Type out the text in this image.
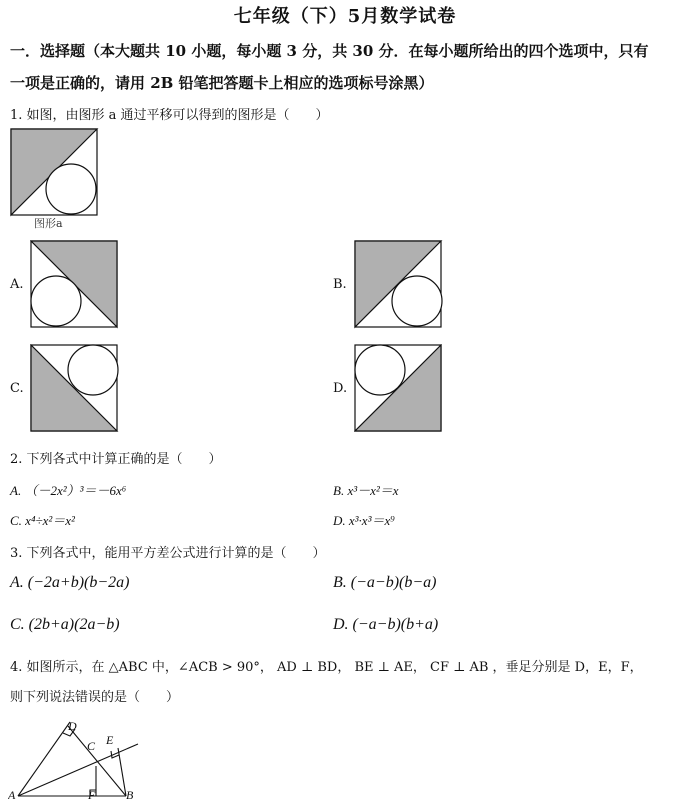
七年级（下）5月数学试卷
一．选择题（本大题共 10 小题，每小题 3 分，共 30 分．在每小题所给出的四个选项中，只有
一项是正确的，请用 2B 铅笔把答题卡上相应的选项标号涂黑）
1. 如图，由图形 a 通过平移可以得到的图形是（　　）
图形a
A.	B.
C.	D.
2. 下列各式中计算正确的是（　　）
A. （－2x²）³＝－6x⁶	B. x³－x²＝x
C. x⁴÷x²＝x²	D. x³·x³＝x⁹
3. 下列各式中，能用平方差公式进行计算的是（　　）
A. (−2a+b)(b−2a)	B. (−a−b)(b−a)
C. (2b+a)(2a−b)	D. (−a−b)(b+a)
4. 如图所示，在 △ABC 中，∠ACB > 90°， AD ⊥ BD， BE ⊥ AE， CF ⊥ AB ，垂足分别是 D，E，F，
则下列说法错误的是（　　）
A	B
C
D
E
F
